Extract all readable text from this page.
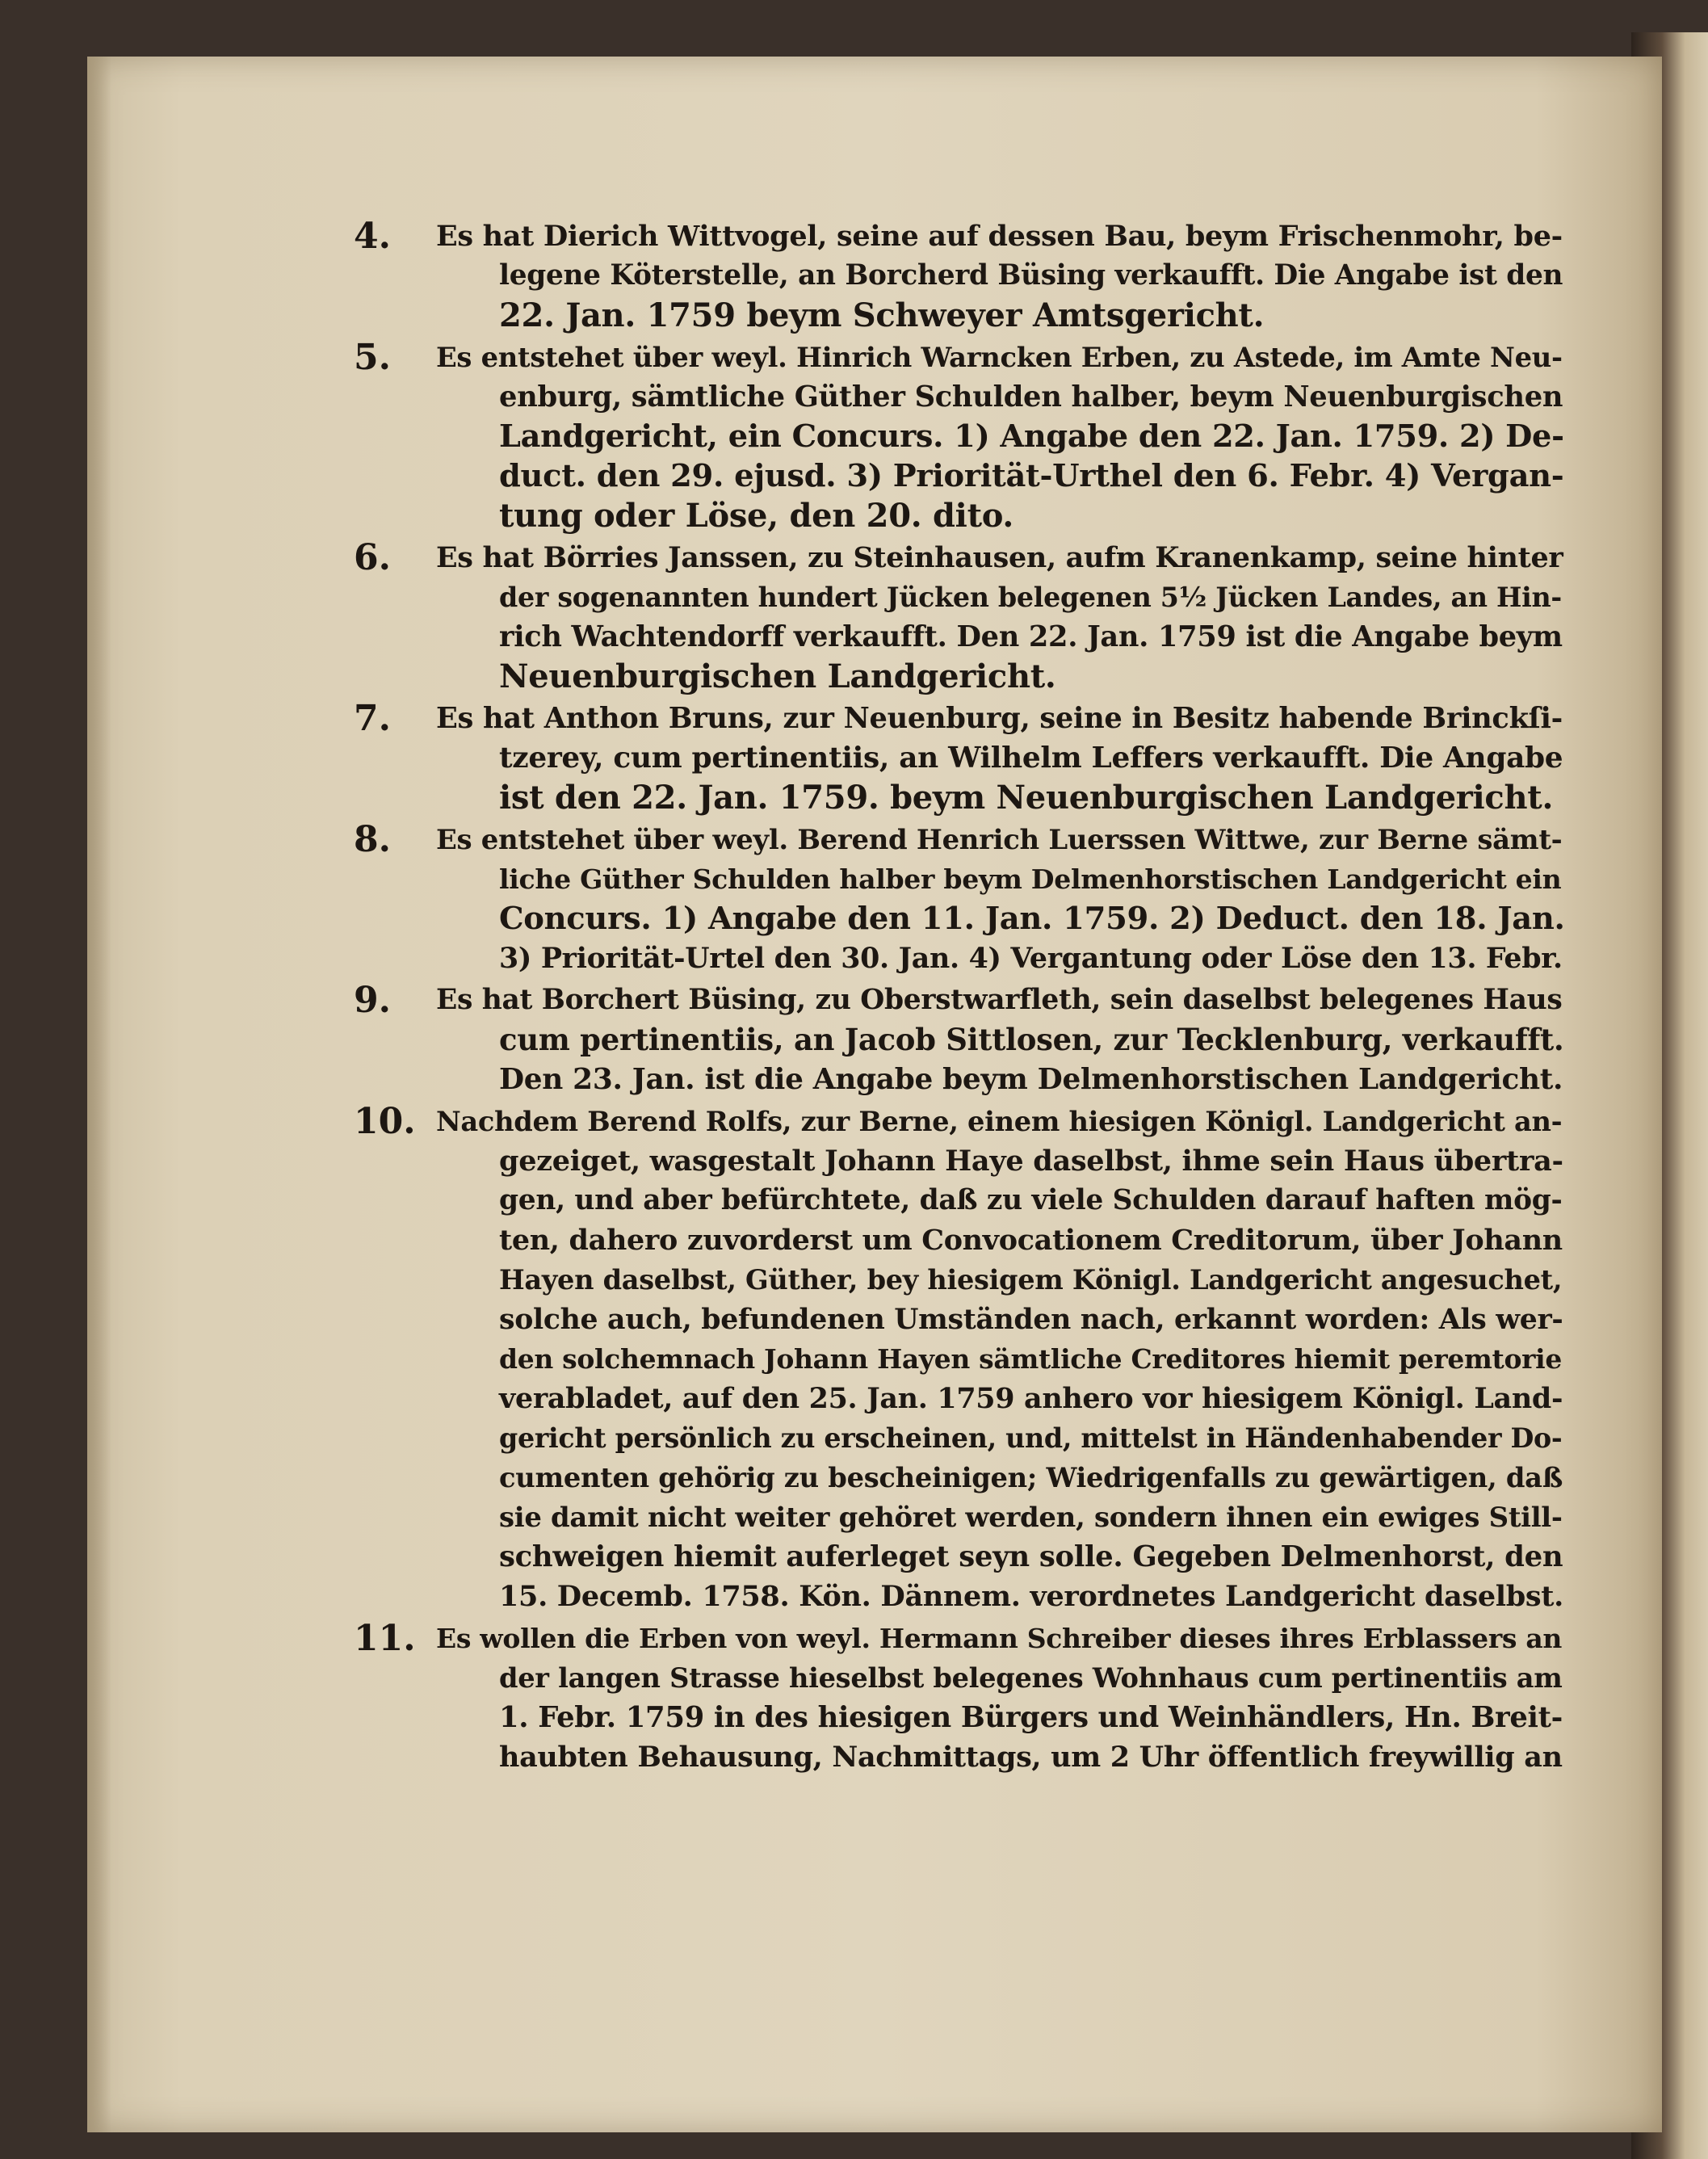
4.	Es hat Dierich Wittvogel, seine auf dessen Bau, beym Frischenmohr, be-
legene Köterstelle, an Borcherd Büsing verkaufft. Die Angabe ist den
22. Jan. 1759 beym Schweyer Amtsgericht.
5.	Es entstehet über weyl. Hinrich Warncken Erben, zu Astede, im Amte Neu-
enburg, sämtliche Güther Schulden halber, beym Neuenburgischen
Landgericht, ein Concurs. 1) Angabe den 22. Jan. 1759. 2) De-
duct. den 29. ejusd. 3) Priorität-Urthel den 6. Febr. 4) Vergan-
tung oder Löse, den 20. dito.
6.	Es hat Börries Janssen, zu Steinhausen, aufm Kranenkamp, seine hinter
der sogenannten hundert Jücken belegenen 5½ Jücken Landes, an Hin-
rich Wachtendorff verkaufft. Den 22. Jan. 1759 ist die Angabe beym
Neuenburgischen Landgericht.
7.	Es hat Anthon Bruns, zur Neuenburg, seine in Besitz habende Brinckſi-
tzerey, cum pertinentiis, an Wilhelm Leffers verkaufft. Die Angabe
ist den 22. Jan. 1759. beym Neuenburgischen Landgericht.
8.	Es entstehet über weyl. Berend Henrich Luerssen Wittwe, zur Berne sämt-
liche Güther Schulden halber beym Delmenhorstischen Landgericht ein
Concurs. 1) Angabe den 11. Jan. 1759. 2) Deduct. den 18. Jan.
3) Priorität-Urtel den 30. Jan. 4) Vergantung oder Löse den 13. Febr.
9.	Es hat Borchert Büsing, zu Oberstwarfleth, sein daselbst belegenes Haus
cum pertinentiis, an Jacob Sittlosen, zur Tecklenburg, verkaufft.
Den 23. Jan. ist die Angabe beym Delmenhorstischen Landgericht.
10. Nachdem Berend Rolfs, zur Berne, einem hiesigen Königl. Landgericht an-
gezeiget, wasgestalt Johann Haye daselbst, ihme sein Haus übertra-
gen, und aber befürchtete, daß zu viele Schulden darauf haften mög-
ten, dahero zuvorderst um Convocationem Creditorum, über Johann
Hayen daselbst, Güther, bey hiesigem Königl. Landgericht angesuchet,
solche auch, befundenen Umständen nach, erkannt worden: Als wer-
den solchemnach Johann Hayen sämtliche Creditores hiemit peremtorie
verabladet, auf den 25. Jan. 1759 anhero vor hiesigem Königl. Land-
gericht persönlich zu erscheinen, und, mittelst in Händenhabender Do-
cumenten gehörig zu bescheinigen; Wiedrigenfalls zu gewärtigen, daß
sie damit nicht weiter gehöret werden, sondern ihnen ein ewiges Still-
schweigen hiemit auferleget seyn solle. Gegeben Delmenhorst, den
15. Decemb. 1758. Kön. Dännem. verordnetes Landgericht daselbst.
11. Es wollen die Erben von weyl. Hermann Schreiber dieses ihres Erblassers an
der langen Strasse hieselbst belegenes Wohnhaus cum pertinentiis am
1. Febr. 1759 in des hiesigen Bürgers und Weinhändlers, Hn. Breit-
haubten Behausung, Nachmittags, um 2 Uhr öffentlich freywillig an
